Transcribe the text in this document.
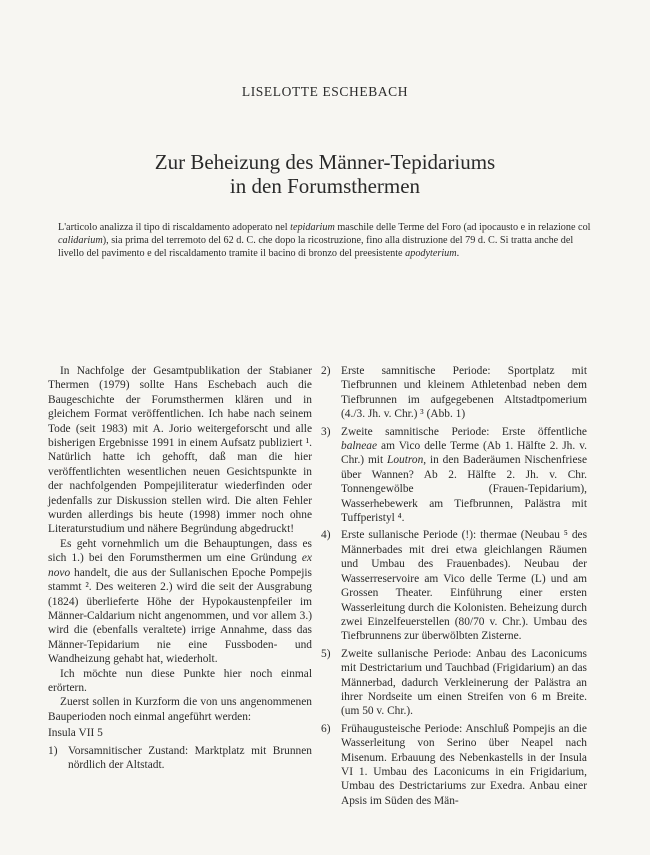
LISELOTTE ESCHEBACH
Zur Beheizung des Männer-Tepidariums
in den Forumsthermen
L'articolo analizza il tipo di riscaldamento adoperato nel tepidarium maschile delle Terme del Foro (ad ipocausto e in relazione col calidarium), sia prima del terremoto del 62 d. C. che dopo la ricostruzione, fino alla distruzione del 79 d. C. Si tratta anche del livello del pavimento e del riscaldamento tramite il bacino di bronzo del preesistente apodyterium.

In Nachfolge der Gesamtpublikation der Stabianer Thermen (1979) sollte Hans Eschebach auch die Baugeschichte der Forumsthermen klären und in gleichem Format veröffentlichen. Ich habe nach seinem Tode (seit 1983) mit A. Jorio weitergeforscht und alle bisherigen Ergebnisse 1991 in einem Aufsatz publiziert ¹. Natürlich hatte ich gehofft, daß man die hier veröffentlichten wesentlichen neuen Gesichtspunkte in der nachfolgenden Pompejiliteratur wiederfinden oder jedenfalls zur Diskussion stellen wird. Die alten Fehler wurden allerdings bis heute (1998) immer noch ohne Literaturstudium und nähere Begründung abgedruckt!

Es geht vornehmlich um die Behauptungen, dass es sich 1.) bei den Forumsthermen um eine Gründung ex novo handelt, die aus der Sullanischen Epoche Pompejis stammt ². Des weiteren 2.) wird die seit der Ausgrabung (1824) überlieferte Höhe der Hypokaustenpfeiler im Männer-Caldarium nicht angenommen, und vor allem 3.) wird die (ebenfalls veraltete) irrige Annahme, dass das Männer-Tepidarium nie eine Fussboden- und Wandheizung gehabt hat, wiederholt.

Ich möchte nun diese Punkte hier noch einmal erörtern.

Zuerst sollen in Kurzform die von uns angenommenen Bauperioden noch einmal angeführt werden:

Insula VII 5

1) Vorsamnitischer Zustand: Marktplatz mit Brunnen nördlich der Altstadt.
2) Erste samnitische Periode: Sportplatz mit Tiefbrunnen und kleinem Athletenbad neben dem Tiefbrunnen im aufgegebenen Altstadtpomerium (4./3. Jh. v. Chr.) ³ (Abb. 1)
3) Zweite samnitische Periode: Erste öffentliche balneae am Vico delle Terme (Ab 1. Hälfte 2. Jh. v. Chr.) mit Loutron, in den Baderäumen Nischenfriese über Wannen? Ab 2. Hälfte 2. Jh. v. Chr. Tonnengewölbe (Frauen-Tepidarium), Wasserhebewerk am Tiefbrunnen, Palästra mit Tuffperistyl ⁴.
4) Erste sullanische Periode (!): thermae (Neubau ⁵ des Männerbades mit drei etwa gleichlangen Räumen und Umbau des Frauenbades). Neubau der Wasserreservoire am Vico delle Terme (L) und am Grossen Theater. Einführung einer ersten Wasserleitung durch die Kolonisten. Beheizung durch zwei Einzelfeuerstellen (80/70 v. Chr.). Umbau des Tiefbrunnens zur überwölbten Zisterne.
5) Zweite sullanische Periode: Anbau des Laconicums mit Destrictarium und Tauchbad (Frigidarium) an das Männerbad, dadurch Verkleinerung der Palästra an ihrer Nordseite um einen Streifen von 6 m Breite. (um 50 v. Chr.).
6) Frühaugusteische Periode: Anschluß Pompejis an die Wasserleitung von Serino über Neapel nach Misenum. Erbauung des Nebenkastells in der Insula VI 1. Umbau des Laconicums in ein Frigidarium, Umbau des Destrictariums zur Exedra. Anbau einer Apsis im Süden des Män-
